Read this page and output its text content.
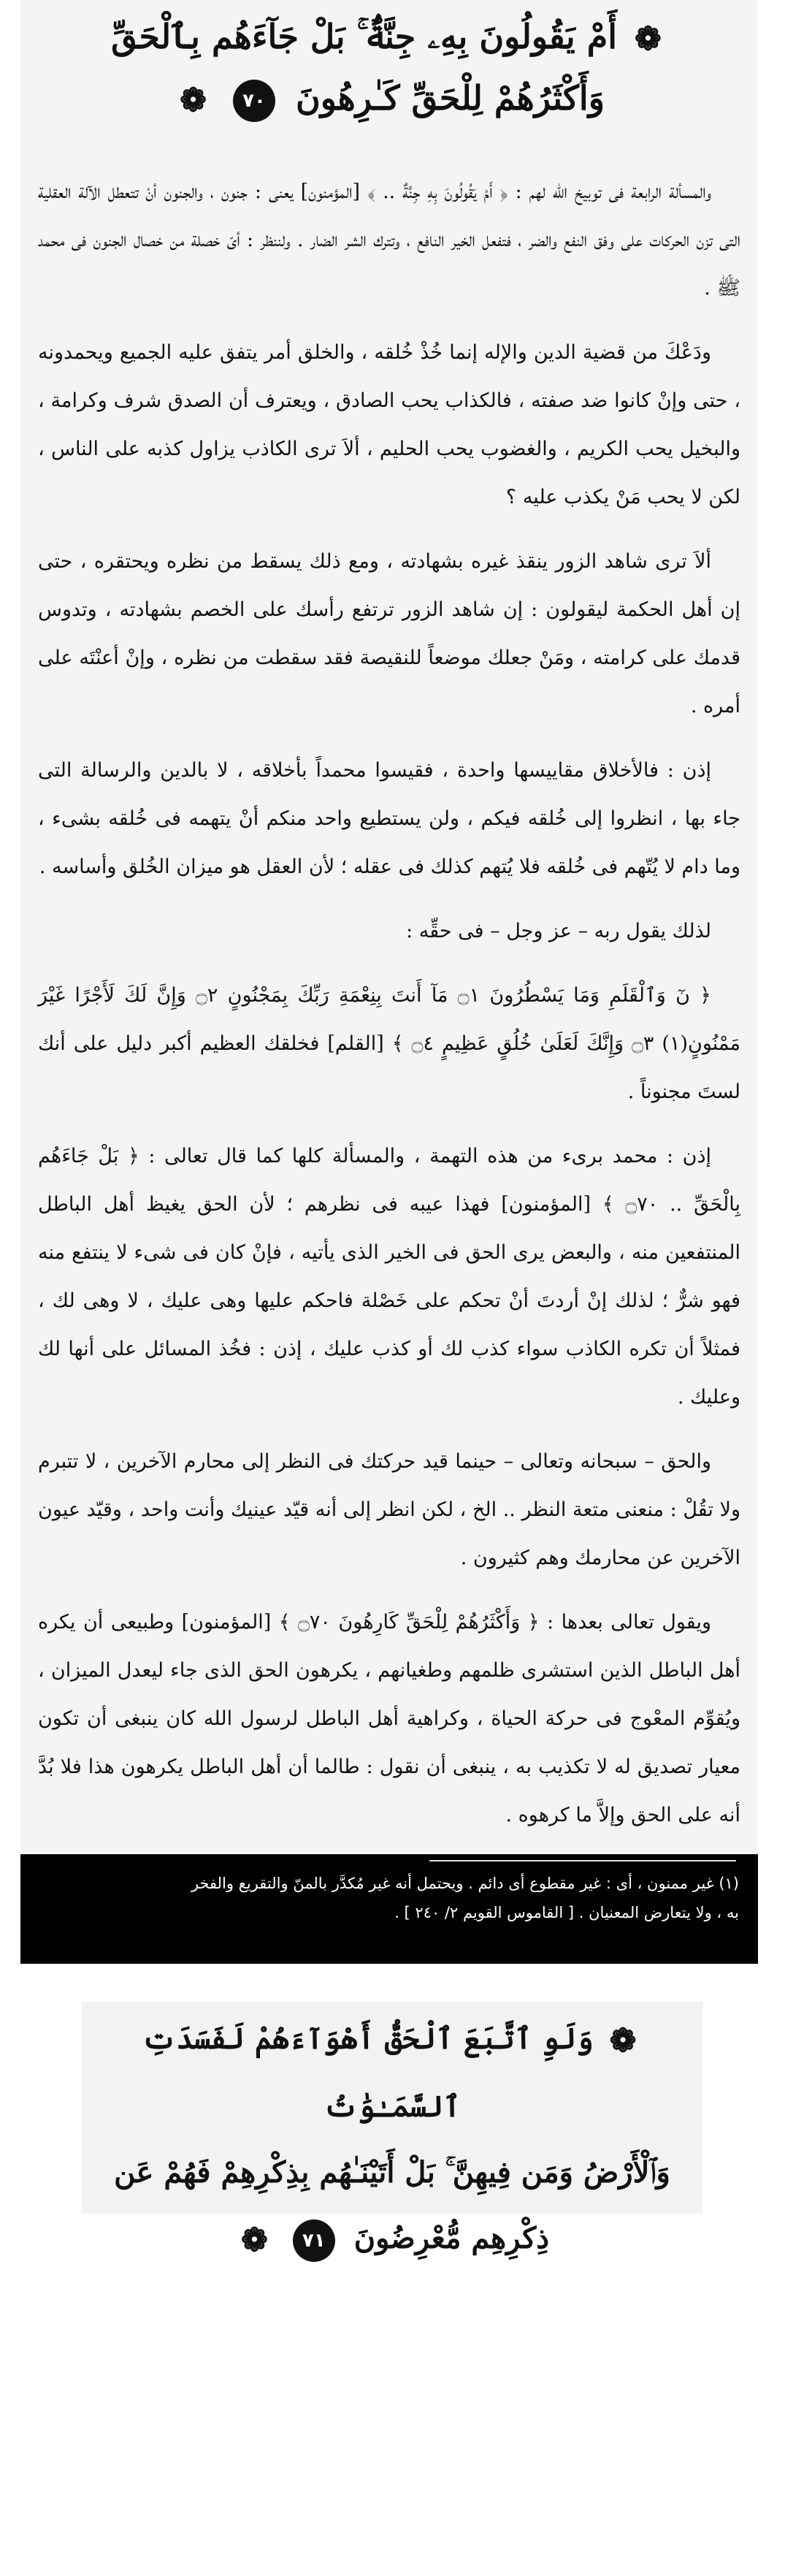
❁ أَمْ يَقُولُونَ بِهِۦ جِنَّةٌۢ ۚ بَلْ جَآءَهُم بِٱلْحَقِّ
وَأَكْثَرُهُمْ لِلْحَقِّ كَـٰرِهُونَ ٧٠ ❁

والمسألة الرابعة فى توبيخ الله لهم : ﴿ أَمْ يَقُولُونَ بِهِ جِنَّةٌ .. ﴾ [المؤمنون] يعنى : جنون ، والجنون أنْ تتعطل الآلة العقلية التى تزن الحركات على وفق النفع والضر ، فتفعل الخير النافع ، وتترك الشر الضار . ولننظر : أىّ خصلة من خصال الجنون فى محمد ﷺ .

ودَعْكَ من قضية الدين والإله إنما خُذْ خُلقه ، والخلق أمر يتفق عليه الجميع ويحمدونه ، حتى وإنْ كانوا ضد صفته ، فالكذاب يحب الصادق ، ويعترف أن الصدق شرف وكرامة ، والبخيل يحب الكريم ، والغضوب يحب الحليم ، ألاَ ترى الكاذب يزاول كذبه على الناس ، لكن لا يحب مَنْ يكذب عليه ؟

ألاَ ترى شاهد الزور ينقذ غيره بشهادته ، ومع ذلك يسقط من نظره ويحتقره ، حتى إن أهل الحكمة ليقولون : إن شاهد الزور ترتفع رأسك على الخصم بشهادته ، وتدوس قدمك على كرامته ، ومَنْ جعلك موضعاً للنقيصة فقد سقطت من نظره ، وإنْ أعنْتَه على أمره .

إذن : فالأخلاق مقاييسها واحدة ، فقيسوا محمداً بأخلاقه ، لا بالدين والرسالة التى جاء بها ، انظروا إلى خُلقه فيكم ، ولن يستطيع واحد منكم أنْ يتهمه فى خُلقه بشىء ، وما دام لا يُتّهم فى خُلقه فلا يُتهم كذلك فى عقله ؛ لأن العقل هو ميزان الخُلق وأساسه .

لذلك يقول ربه – عز وجل – فى حقِّه :

﴿ نٓ وَٱلْقَلَمِ وَمَا يَسْطُرُونَ ۝١ مَآ أَنتَ بِنِعْمَةِ رَبِّكَ بِمَجْنُونٍ ۝٢ وَإِنَّ لَكَ لَأَجْرًا غَيْرَ مَمْنُونٍ(١) ۝٣ وَإِنَّكَ لَعَلَىٰ خُلُقٍ عَظِيمٍ ۝٤ ﴾ [القلم] فخلقك العظيم أكبر دليل على أنك لستَ مجنوناً .

إذن : محمد برىء من هذه التهمة ، والمسألة كلها كما قال تعالى : ﴿ بَلْ جَاءَهُم بِالْحَقِّ .. ۝٧٠ ﴾ [المؤمنون] فهذا عيبه فى نظرهم ؛ لأن الحق يغيظ أهل الباطل المنتفعين منه ، والبعض يرى الحق فى الخير الذى يأتيه ، فإنْ كان فى شىء لا ينتفع منه فهو شرٌّ ؛ لذلك إنْ أردتَ أنْ تحكم على خَصْلة فاحكم عليها وهى عليك ، لا وهى لك ، فمثلاً أن تكره الكاذب سواء كذب لك أو كذب عليك ، إذن : فخُذ المسائل على أنها لك وعليك .

والحق – سبحانه وتعالى – حينما قيد حركتك فى النظر إلى محارم الآخرين ، لا تتبرم ولا تقُلْ : منعنى متعة النظر .. الخ ، لكن انظر إلى أنه قيّد عينيك وأنت واحد ، وقيّد عيون الآخرين عن محارمك وهم كثيرون .

ويقول تعالى بعدها : ﴿ وَأَكْثَرُهُمْ لِلْحَقِّ كَارِهُونَ ۝٧٠ ﴾ [المؤمنون] وطبيعى أن يكره أهل الباطل الذين استشرى ظلمهم وطغيانهم ، يكرهون الحق الذى جاء ليعدل الميزان ، ويُقوِّم المعْوج فى حركة الحياة ، وكراهية أهل الباطل لرسول الله كان ينبغى أن تكون معيار تصديق له لا تكذيب به ، ينبغى أن نقول : طالما أن أهل الباطل يكرهون هذا فلا بُدَّ أنه على الحق وإلاَّ ما كرهوه .

(١) غير ممنون ، أى : غير مقطوع أى دائم . ويحتمل أنه غير مُكدَّر بالمنّ والتقريع والفخر
به ، ولا يتعارض المعنيان . [ القاموس القويم ٢/ ٢٤٠ ] .
❁ وَلَوِ ٱتَّبَعَ ٱلْحَقُّ أَهْوَآءَهُمْ لَفَسَدَتِ ٱلسَّمَـٰوَٰتُ
وَٱلْأَرْضُ وَمَن فِيهِنَّ ۚ بَلْ أَتَيْنَـٰهُم بِذِكْرِهِمْ فَهُمْ عَن
ذِكْرِهِم مُّعْرِضُونَ ٧١ ❁
